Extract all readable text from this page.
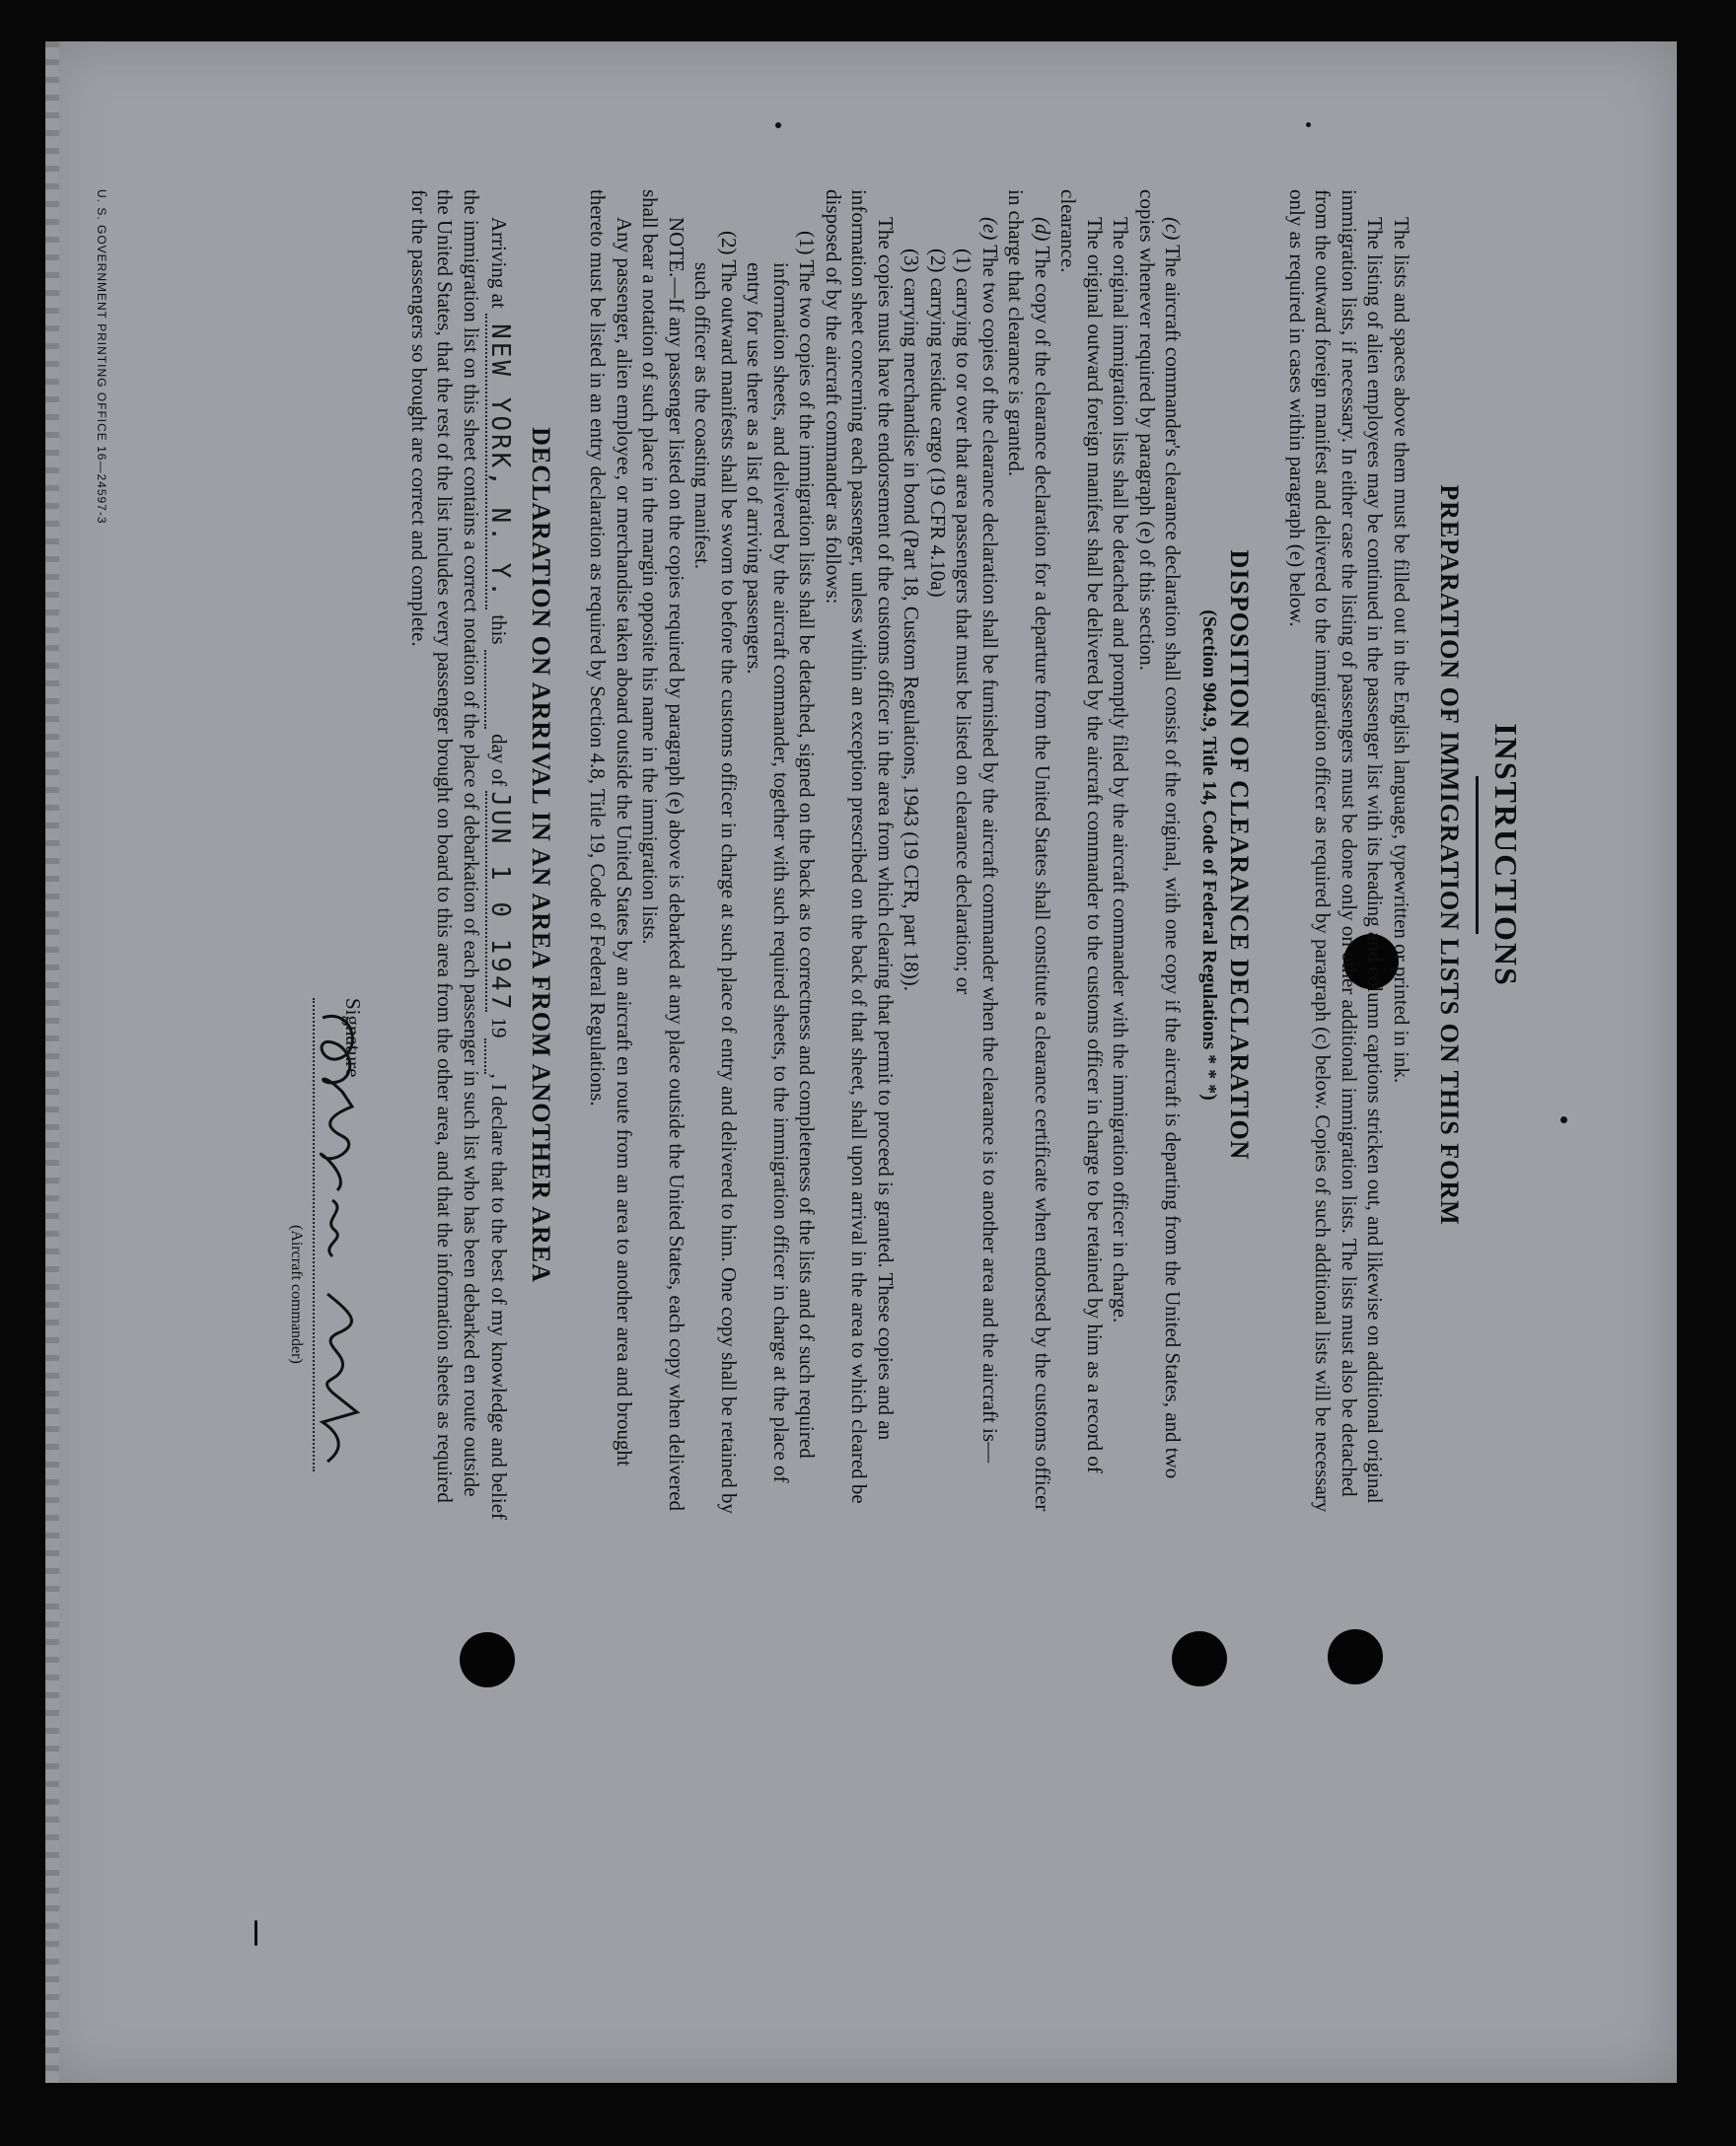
INSTRUCTIONS
PREPARATION OF IMMIGRATION LISTS ON THIS FORM

The lists and spaces above them must be filled out in the English language, typewritten or printed in ink.

The listing of alien employees may be continued in the passenger list with its heading and column captions stricken out, and likewise on additional original immigration lists, if necessary. In either case the listing of passengers must be done only on other additional immigration lists. The lists must also be detached from the outward foreign manifest and delivered to the immigration officer as required by paragraph (c) below. Copies of such additional lists will be necessary only as required in cases within paragraph (e) below.

DISPOSITION OF CLEARANCE DECLARATION
(Section 904.9, Title 14, Code of Federal Regulations * * *)

(c) The aircraft commander's clearance declaration shall consist of the original, with one copy if the aircraft is departing from the United States, and two copies whenever required by paragraph (e) of this section.

The original immigration lists shall be detached and promptly filed by the aircraft commander with the immigration officer in charge.

The original outward foreign manifest shall be delivered by the aircraft commander to the customs officer in charge to be retained by him as a record of clearance.

(d) The copy of the clearance declaration for a departure from the United States shall constitute a clearance certificate when endorsed by the customs officer in charge that clearance is granted.

(e) The two copies of the clearance declaration shall be furnished by the aircraft commander when the clearance is to another area and the aircraft is—

(1) carrying to or over that area passengers that must be listed on clearance declaration; or

(2) carrying residue cargo (19 CFR 4.10a)

(3) carrying merchandise in bond (Part 18, Custom Regulations, 1943 (19 CFR, part 18)).

The copies must have the endorsement of the customs officer in the area from which clearing that permit to proceed is granted. These copies and an information sheet concerning each passenger, unless within an exception prescribed on the back of that sheet, shall upon arrival in the area to which cleared be disposed of by the aircraft commander as follows:

(1) The two copies of the immigration lists shall be detached, signed on the back as to correctness and completeness of the lists and of such required information sheets, and delivered by the aircraft commander, together with such required sheets, to the immigration officer in charge at the place of entry for use there as a list of arriving passengers.

(2) The outward manifests shall be sworn to before the customs officer in charge at such place of entry and delivered to him. One copy shall be retained by such officer as the coasting manifest.

NOTE.—If any passenger listed on the copies required by paragraph (e) above is debarked at any place outside the United States, each copy when delivered shall bear a notation of such place in the margin opposite his name in the immigration lists.

Any passenger, alien employee, or merchandise taken aboard outside the United States by an aircraft en route from an area to another area and brought thereto must be listed in an entry declaration as required by Section 4.8, Title 19, Code of Federal Regulations.

DECLARATION ON ARRIVAL IN AN AREA FROM ANOTHER AREA

Arriving at NEW YORK, N. Y. this   day of JUN 1 0 1947 19 , I declare that to the best of my knowledge and belief the immigration list on this sheet contains a correct notation of the place of debarkation of each passenger in such list who has been debarked en route outside the United States, that the rest of the list includes every passenger brought on board to this area from the other area, and that the information sheets as required for the passengers so brought are correct and complete.

Signature
(Aircraft commander)
U. S. GOVERNMENT PRINTING OFFICE 16—24597-3
